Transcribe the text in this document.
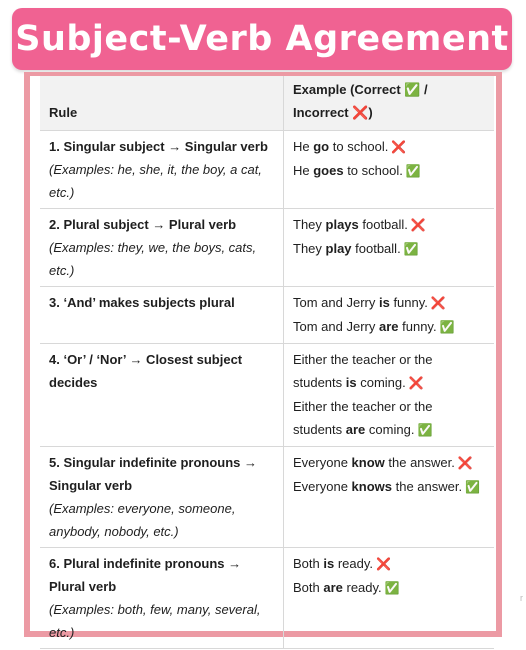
Subject-Verb Agreement
Rule	Example (Correct ✅ / Incorrect ❌)

1. Singular subject → Singular verb
(Examples: he, she, it, the boy, a cat, etc.)	He go to school. ❌
He goes to school. ✅

2. Plural subject → Plural verb
(Examples: they, we, the boys, cats, etc.)	They plays football. ❌
They play football. ✅

3. ‘And’ makes subjects plural	Tom and Jerry is funny. ❌
Tom and Jerry are funny. ✅

4. ‘Or’ / ‘Nor’ → Closest subject decides	Either the teacher or the students is coming. ❌
Either the teacher or the students are coming. ✅

5. Singular indefinite pronouns → Singular verb
(Examples: everyone, someone, anybody, nobody, etc.)	Everyone know the answer. ❌
Everyone knows the answer. ✅

6. Plural indefinite pronouns → Plural verb
(Examples: both, few, many, several, etc.)	Both is ready. ❌
Both are ready. ✅
r
